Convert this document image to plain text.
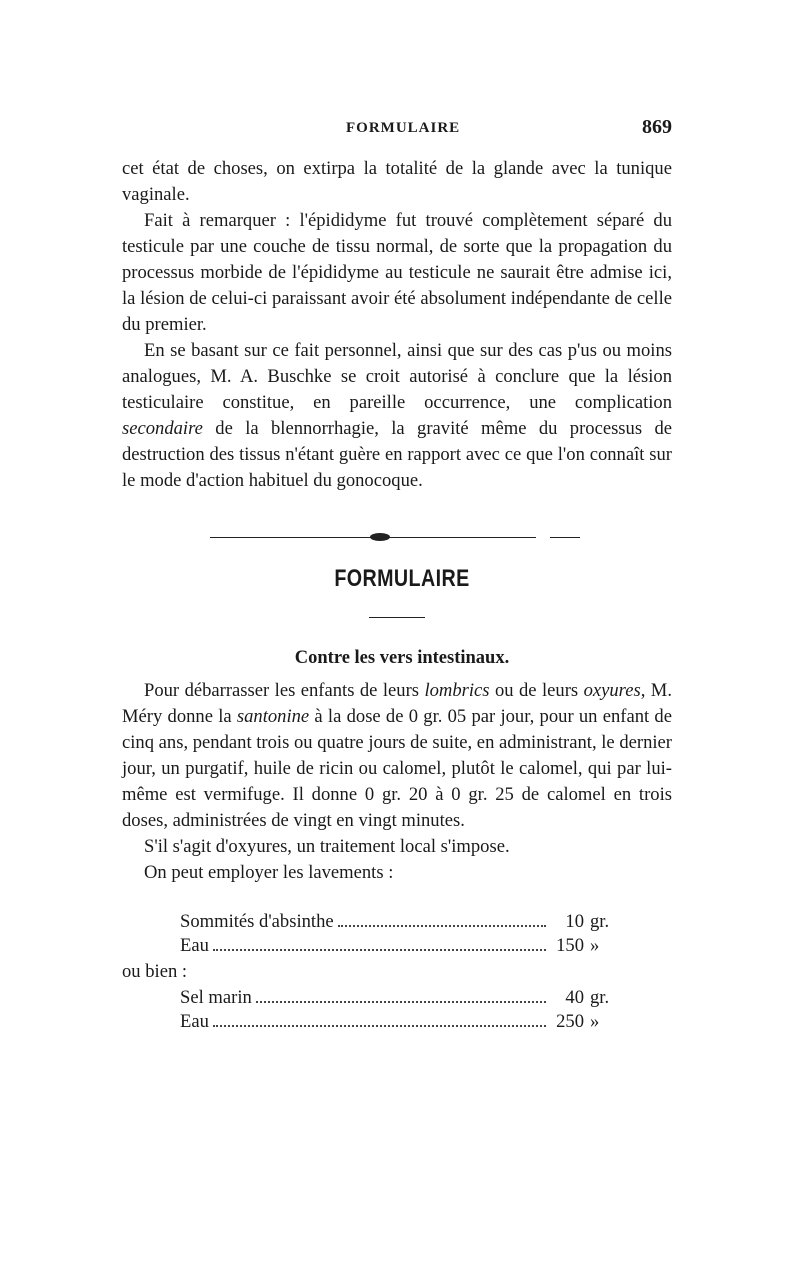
FORMULAIRE	869

cet état de choses, on extirpa la totalité de la glande avec la tunique vaginale.

Fait à remarquer : l'épididyme fut trouvé complètement séparé du testicule par une couche de tissu normal, de sorte que la propagation du processus morbide de l'épididyme au testicule ne saurait être admise ici, la lésion de celui-ci paraissant avoir été absolument indépendante de celle du premier.

En se basant sur ce fait personnel, ainsi que sur des cas p'us ou moins analogues, M. A. Buschke se croit autorisé à conclure que la lésion testiculaire constitue, en pareille occurrence, une complication secondaire de la blennorrhagie, la gravité même du processus de destruction des tissus n'étant guère en rapport avec ce que l'on connaît sur le mode d'action habituel du gonocoque.

FORMULAIRE
Contre les vers intestinaux.

Pour débarrasser les enfants de leurs lombrics ou de leurs oxyures, M. Méry donne la santonine à la dose de 0 gr. 05 par jour, pour un enfant de cinq ans, pendant trois ou quatre jours de suite, en administrant, le dernier jour, un purgatif, huile de ricin ou calomel, plutôt le calomel, qui par lui-même est vermifuge. Il donne 0 gr. 20 à 0 gr. 25 de calomel en trois doses, administrées de vingt en vingt minutes.

S'il s'agit d'oxyures, un traitement local s'impose.

On peut employer les lavements :

Sommités d'absinthe	10 gr.
Eau	150 »
ou bien :
Sel marin	40 gr.
Eau	250 »
